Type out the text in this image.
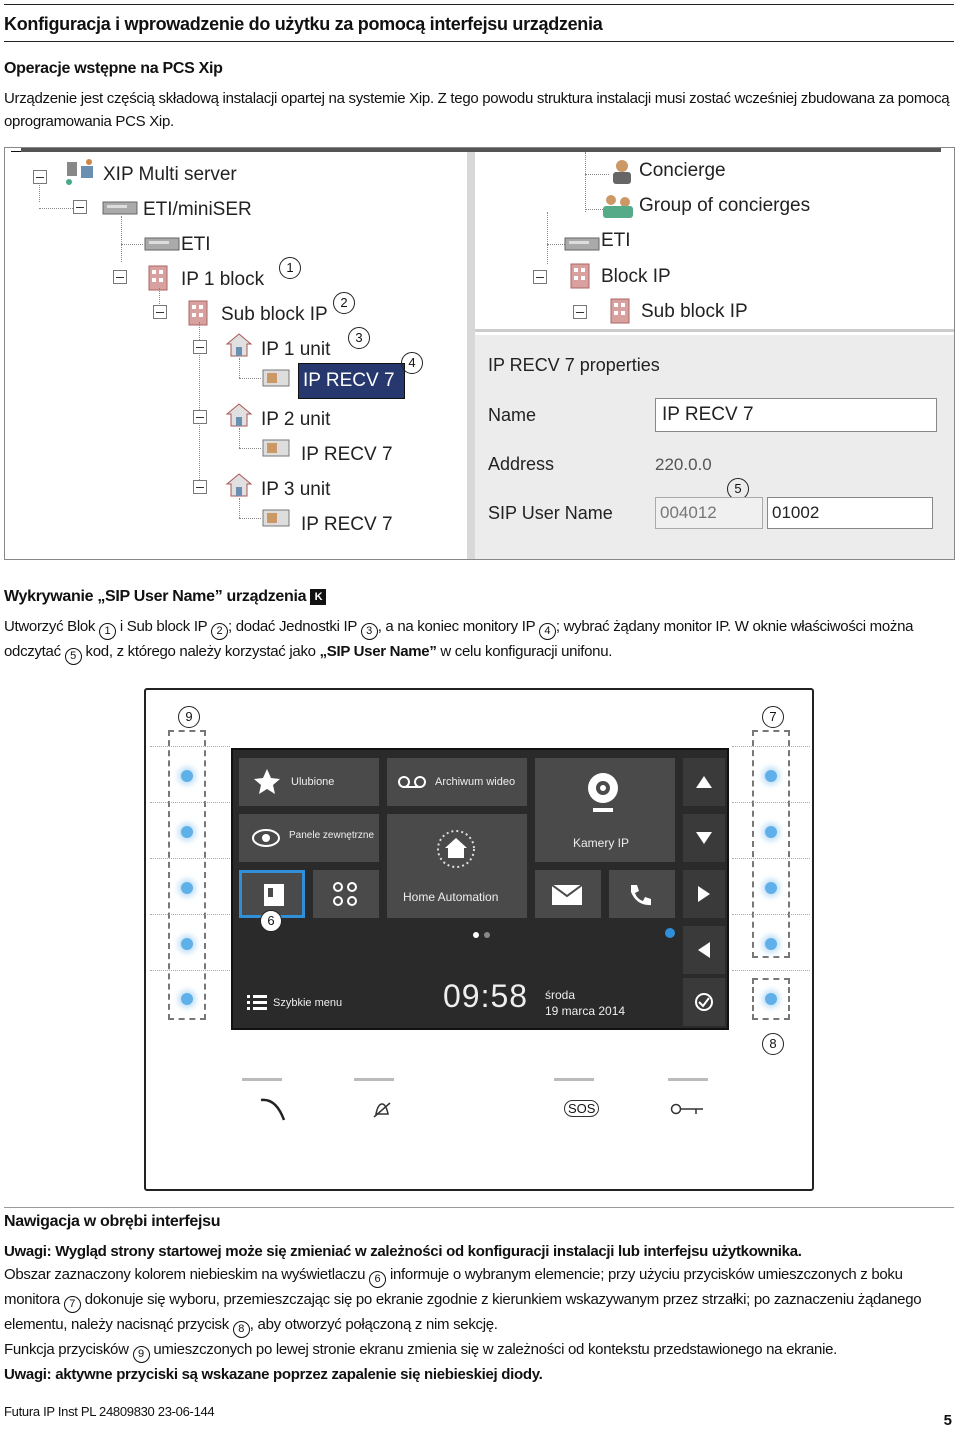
Konfiguracja i wprowadzenie do użytku za pomocą interfejsu urządzenia
Operacje wstępne na PCS Xip
Urządzenie jest częścią składową instalacji opartej na systemie Xip. Z tego powodu struktura instalacji musi zostać wcześniej zbudowana za pomocą oprogramowania PCS Xip.
XIP Multi server
ETI/miniSER
ETI
IP 1 block
1
Sub block IP
2
IP 1 unit
3
IP RECV 7
4
IP 2 unit
IP RECV 7
IP 3 unit
IP RECV 7
Concierge
Group of concierges
ETI
Block IP
Sub block IP
IP RECV 7 properties
Name	IP RECV 7
Address	220.0.0
5
SIP User Name	004012	01002
Wykrywanie „SIP User Name” urządzenia K
Utworzyć Blok 1 i Sub block IP 2 ; dodać Jednostki IP 3 , a na koniec monitory IP 4 ; wybrać żądany monitor IP. W oknie właściwości można odczytać 5 kod, z którego należy korzystać jako „SIP User Name” w celu konfiguracji unifonu.
9	7
8
Ulubione	Archiwum wideo
Kamery IP
Panele zewnętrzne
Home Automation
Szybkie menu	09:58 środa
19 marca 2014
6
SOS
Nawigacja w obrębi interfejsu
Uwagi: Wygląd strony startowej może się zmieniać w zależności od konfiguracji instalacji lub interfejsu użytkownika.
Obszar zaznaczony kolorem niebieskim na wyświetlaczu 6 informuje o wybranym elemencie; przy użyciu przycisków umieszczonych z boku monitora 7 dokonuje się wyboru, przemieszczając się po ekranie zgodnie z kierunkiem wskazywanym przez strzałki; po zaznaczeniu żądanego elementu, należy nacisnąć przycisk 8 , aby otworzyć połączoną z nim sekcję.
Funkcja przycisków 9 umieszczonych po lewej stronie ekranu zmienia się w zależności od kontekstu przedstawionego na ekranie.
Uwagi: aktywne przyciski są wskazane poprzez zapalenie się niebieskiej diody.
Futura IP Inst PL 24809830 23-06-144
5
